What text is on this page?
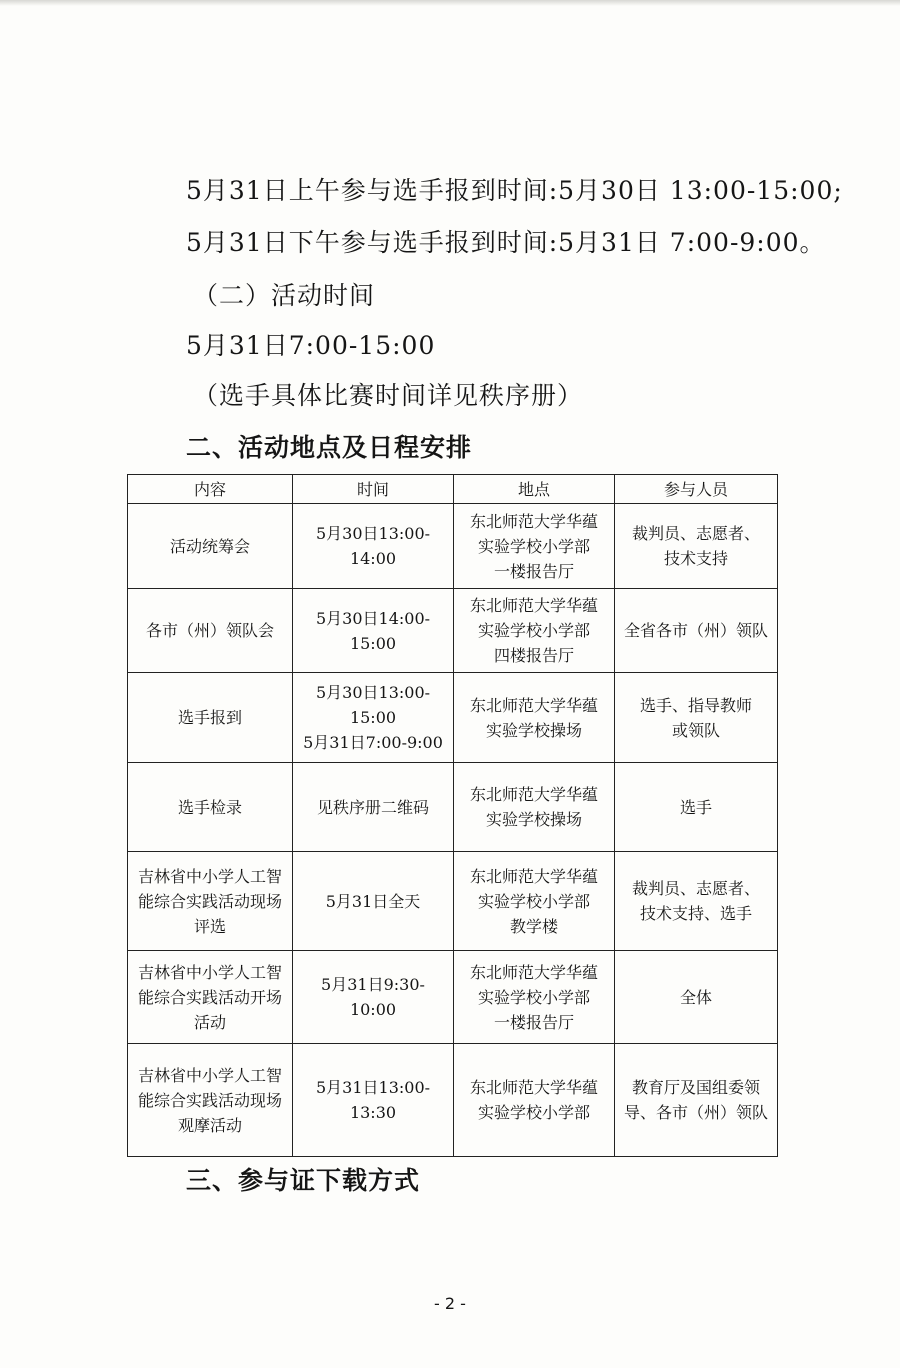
5月31日上午参与选手报到时间:5月30日 13:00-15:00;
5月31日下午参与选手报到时间:5月31日 7:00-9:00。
（二）活动时间
5月31日7:00-15:00
（选手具体比赛时间详见秩序册）
二、活动地点及日程安排
内容	时间	地点	参与人员

活动统筹会	5月30日13:00-14:00	东北师范大学华蕴
实验学校小学部
一楼报告厅	裁判员、志愿者、
技术支持

各市（州）领队会	5月30日14:00-15:00	东北师范大学华蕴
实验学校小学部
四楼报告厅	全省各市（州）领队

选手报到	5月30日13:00-15:00
5月31日7:00-9:00	东北师范大学华蕴
实验学校操场	选手、指导教师
或领队

选手检录	见秩序册二维码	东北师范大学华蕴
实验学校操场	选手

吉林省中小学人工智
能综合实践活动现场
评选	5月31日全天	东北师范大学华蕴
实验学校小学部
教学楼	裁判员、志愿者、
技术支持、选手

吉林省中小学人工智
能综合实践活动开场
活动	5月31日9:30-10:00	东北师范大学华蕴
实验学校小学部
一楼报告厅	全体

吉林省中小学人工智
能综合实践活动现场
观摩活动	5月31日13:00-13:30	东北师范大学华蕴
实验学校小学部	教育厅及国组委领
导、各市（州）领队
三、参与证下载方式
- 2 -
